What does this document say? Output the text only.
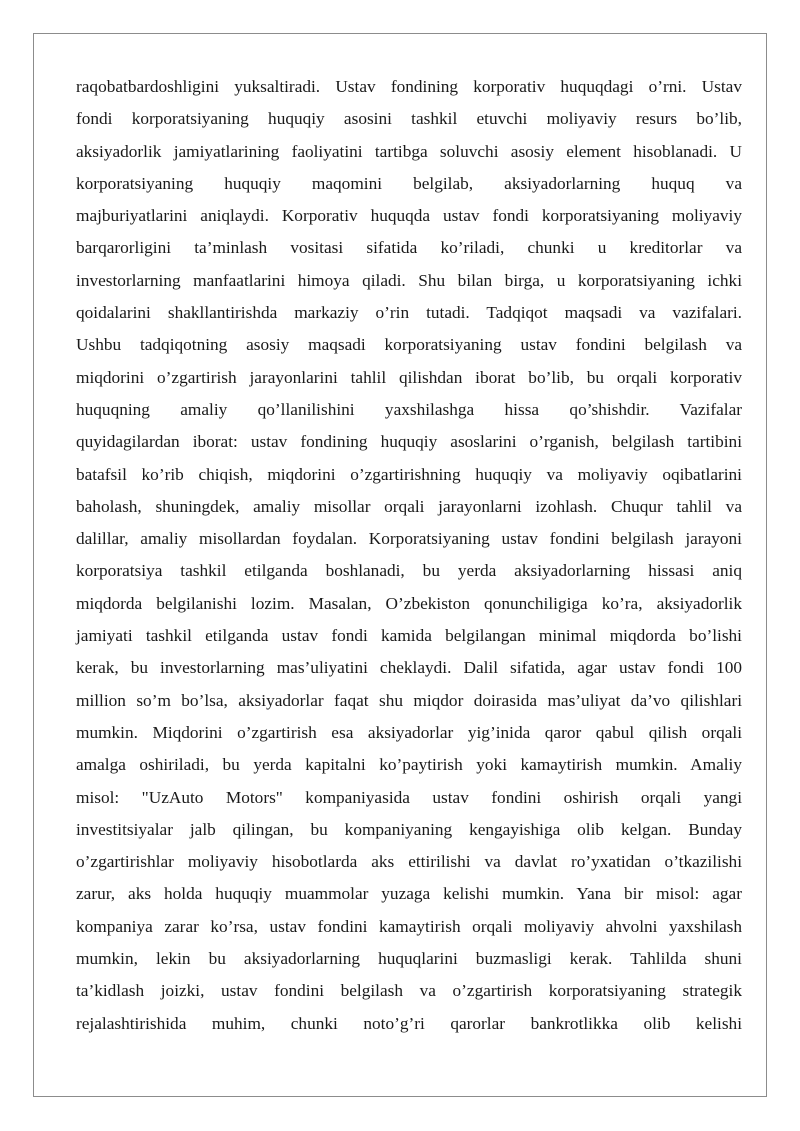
raqobatbardoshligini yuksaltiradi. Ustav fondining korporativ huquqdagi o’rni. Ustav
fondi korporatsiyaning huquqiy asosini tashkil etuvchi moliyaviy resurs bo’lib,
aksiyadorlik jamiyatlarining faoliyatini tartibga soluvchi asosiy element hisoblanadi. U
korporatsiyaning huquqiy maqomini belgilab, aksiyadorlarning huquq va
majburiyatlarini aniqlaydi. Korporativ huquqda ustav fondi korporatsiyaning moliyaviy
barqarorligini ta’minlash vositasi sifatida ko’riladi, chunki u kreditorlar va
investorlarning manfaatlarini himoya qiladi. Shu bilan birga, u korporatsiyaning ichki
qoidalarini shakllantirishda markaziy o’rin tutadi. Tadqiqot maqsadi va vazifalari.
Ushbu tadqiqotning asosiy maqsadi korporatsiyaning ustav fondini belgilash va
miqdorini o’zgartirish jarayonlarini tahlil qilishdan iborat bo’lib, bu orqali korporativ
huquqning amaliy qo’llanilishini yaxshilashga hissa qo’shishdir. Vazifalar
quyidagilardan iborat: ustav fondining huquqiy asoslarini o’rganish, belgilash tartibini
batafsil ko’rib chiqish, miqdorini o’zgartirishning huquqiy va moliyaviy oqibatlarini
baholash, shuningdek, amaliy misollar orqali jarayonlarni izohlash. Chuqur tahlil va
dalillar, amaliy misollardan foydalan. Korporatsiyaning ustav fondini belgilash jarayoni
korporatsiya tashkil etilganda boshlanadi, bu yerda aksiyadorlarning hissasi aniq
miqdorda belgilanishi lozim. Masalan, O’zbekiston qonunchiligiga ko’ra, aksiyadorlik
jamiyati tashkil etilganda ustav fondi kamida belgilangan minimal miqdorda bo’lishi
kerak, bu investorlarning mas’uliyatini cheklaydi. Dalil sifatida, agar ustav fondi 100
million so’m bo’lsa, aksiyadorlar faqat shu miqdor doirasida mas’uliyat da’vo qilishlari
mumkin. Miqdorini o’zgartirish esa aksiyadorlar yig’inida qaror qabul qilish orqali
amalga oshiriladi, bu yerda kapitalni ko’paytirish yoki kamaytirish mumkin. Amaliy
misol: "UzAuto Motors" kompaniyasida ustav fondini oshirish orqali yangi
investitsiyalar jalb qilingan, bu kompaniyaning kengayishiga olib kelgan. Bunday
o’zgartirishlar moliyaviy hisobotlarda aks ettirilishi va davlat ro’yxatidan o’tkazilishi
zarur, aks holda huquqiy muammolar yuzaga kelishi mumkin. Yana bir misol: agar
kompaniya zarar ko’rsa, ustav fondini kamaytirish orqali moliyaviy ahvolni yaxshilash
mumkin, lekin bu aksiyadorlarning huquqlarini buzmasligi kerak. Tahlilda shuni
ta’kidlash joizki, ustav fondini belgilash va o’zgartirish korporatsiyaning strategik
rejalashtirishida muhim, chunki noto’g’ri qarorlar bankrotlikka olib kelishi
